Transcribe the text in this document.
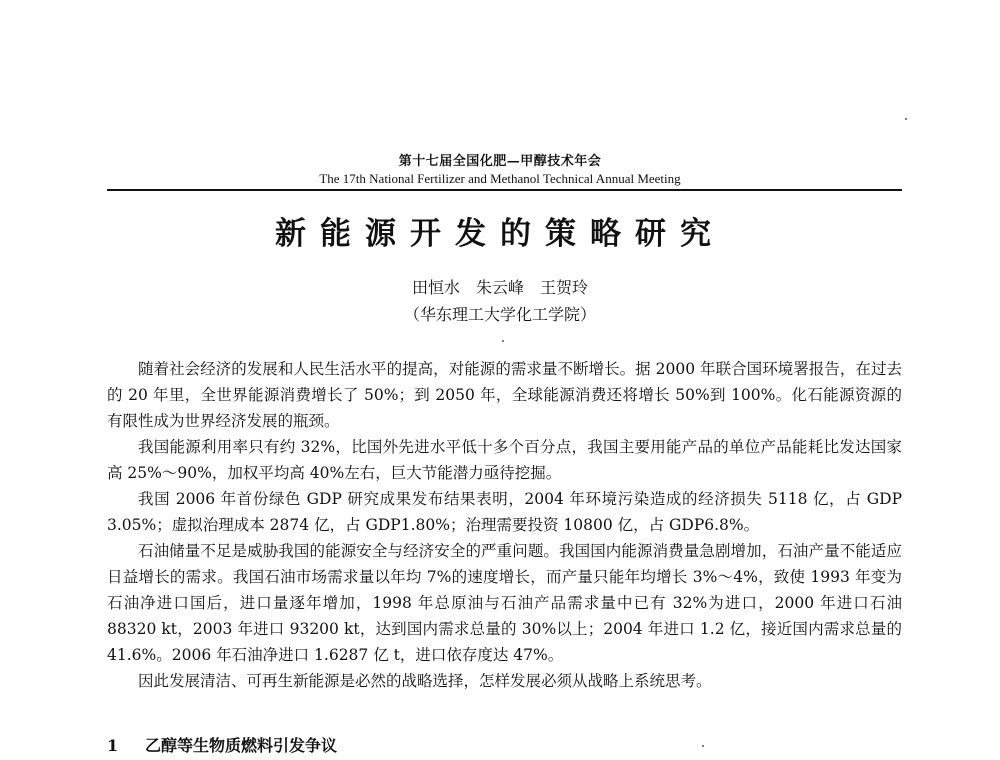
第十七届全国化肥—甲醇技术年会
The 17th National Fertilizer and Methanol Technical Annual Meeting
新能源开发的策略研究
田恒水　朱云峰　王贺玲
（华东理工大学化工学院）

随着社会经济的发展和人民生活水平的提高，对能源的需求量不断增长。据 2000 年联合国环境署报告，在过去的 20 年里，全世界能源消费增长了 50%；到 2050 年，全球能源消费还将增长 50%到 100%。化石能源资源的有限性成为世界经济发展的瓶颈。

我国能源利用率只有约 32%，比国外先进水平低十多个百分点，我国主要用能产品的单位产品能耗比发达国家高 25%～90%，加权平均高 40%左右，巨大节能潜力亟待挖掘。

我国 2006 年首份绿色 GDP 研究成果发布结果表明，2004 年环境污染造成的经济损失 5118 亿，占 GDP 3.05%；虚拟治理成本 2874 亿，占 GDP1.80%；治理需要投资 10800 亿，占 GDP6.8%。

石油储量不足是威胁我国的能源安全与经济安全的严重问题。我国国内能源消费量急剧增加，石油产量不能适应日益增长的需求。我国石油市场需求量以年均 7%的速度增长，而产量只能年均增长 3%～4%，致使 1993 年变为石油净进口国后，进口量逐年增加，1998 年总原油与石油产品需求量中已有 32%为进口，2000 年进口石油 88320 kt，2003 年进口 93200 kt，达到国内需求总量的 30%以上；2004 年进口 1.2 亿，接近国内需求总量的 41.6%。2006 年石油净进口 1.6287 亿 t，进口依存度达 47%。

因此发展清洁、可再生新能源是必然的战略选择，怎样发展必须从战略上系统思考。

1 乙醇等生物质燃料引发争议
